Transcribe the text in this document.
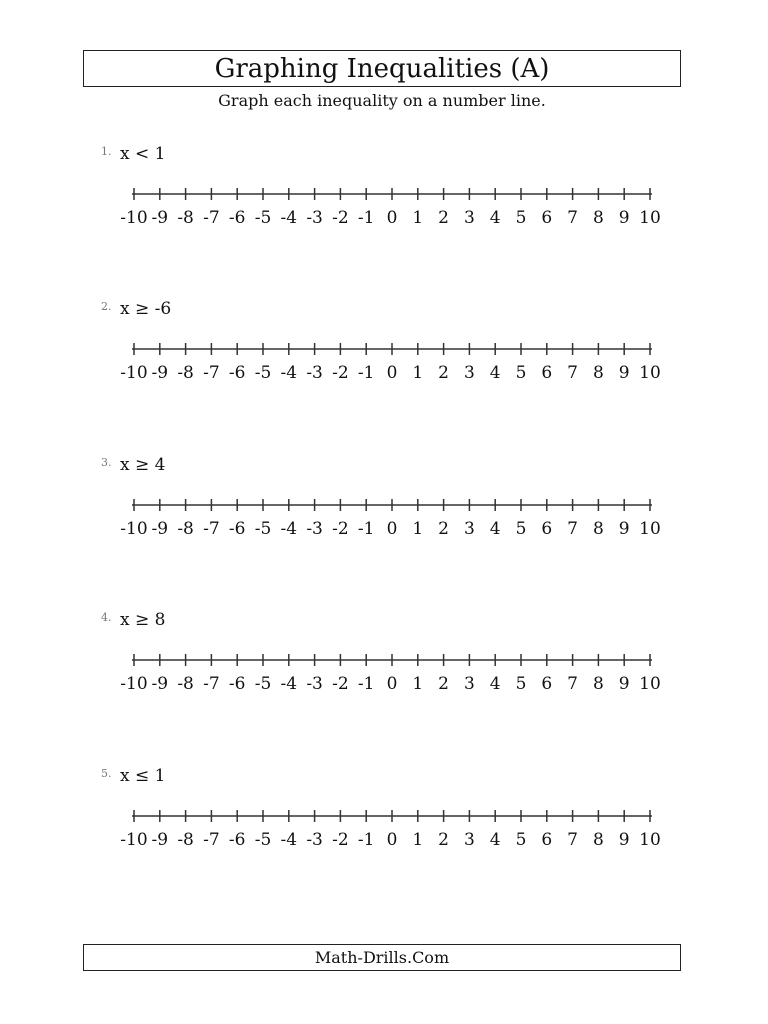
Graphing Inequalities (A)
Graph each inequality on a number line.
1. x < 1
-10 -9 -8 -7 -6 -5 -4 -3 -2 -1 0 1 2 3 4 5 6 7 8 9 10
2. x ≥ -6
-10 -9 -8 -7 -6 -5 -4 -3 -2 -1 0 1 2 3 4 5 6 7 8 9 10
3. x ≥ 4
-10 -9 -8 -7 -6 -5 -4 -3 -2 -1 0 1 2 3 4 5 6 7 8 9 10
4. x ≥ 8
-10 -9 -8 -7 -6 -5 -4 -3 -2 -1 0 1 2 3 4 5 6 7 8 9 10
5. x ≤ 1
-10 -9 -8 -7 -6 -5 -4 -3 -2 -1 0 1 2 3 4 5 6 7 8 9 10
Math-Drills.Com
